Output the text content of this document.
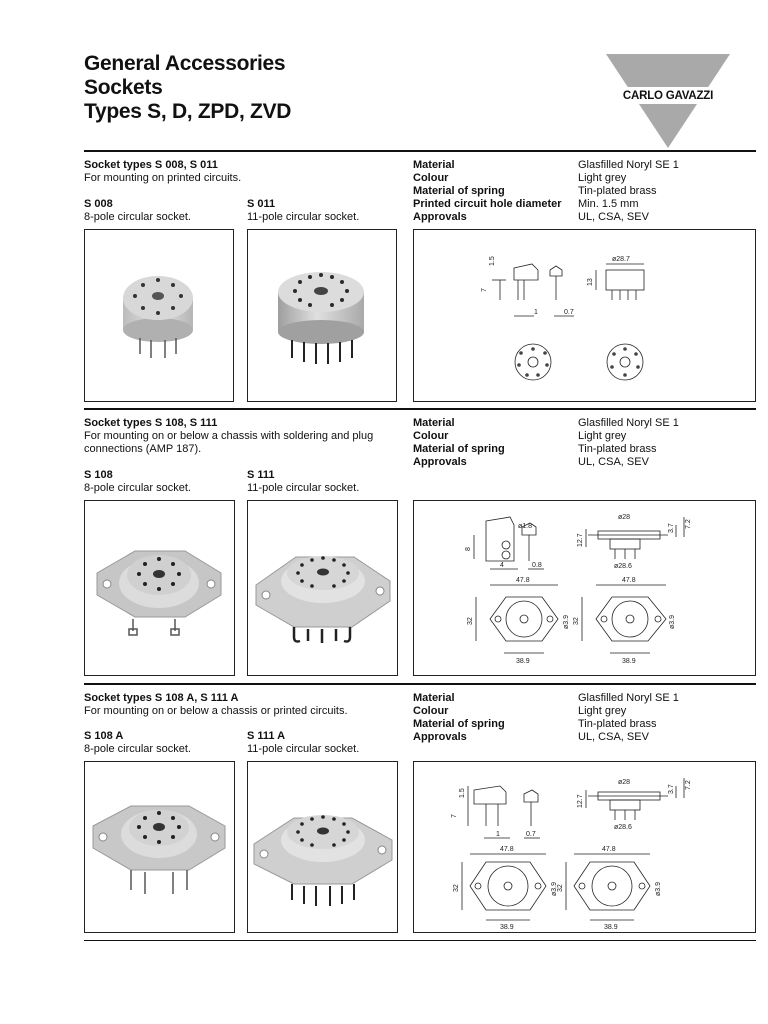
General Accessories
Sockets
Types S, D, ZPD, ZVD
CARLO GAVAZZI
Socket types S 008, S 011
For mounting on printed circuits.
S 008
8-pole circular socket.
S 011
11-pole circular socket.
Material	Glasfilled Noryl SE 1
Colour	Light grey
Material of spring	Tin-plated brass
Printed circuit hole diameter	Min. 1.5 mm
Approvals	UL, CSA, SEV
1.5
7
1	0.7
ø28.7
13
Socket types S 108, S 111
For mounting on or below a chassis with soldering and plug connections (AMP 187).
S 108
8-pole circular socket.
S 111
11-pole circular socket.
Material	Glasfilled Noryl SE 1
Colour	Light grey
Material of spring	Tin-plated brass
Approvals	UL, CSA, SEV
8
ø1.8
4	0.8
ø28
12.7
3.7 7.2
ø28.6
47.8	47.8
32	ø3.9 32	ø3.9
38.9	38.9
Socket types S 108 A, S 111 A
For mounting on or below a chassis or printed circuits.
S 108 A
8-pole circular socket.
S 111 A
11-pole circular socket.
Material	Glasfilled Noryl SE 1
Colour	Light grey
Material of spring	Tin-plated brass
Approvals	UL, CSA, SEV
1.5
7
1	0.7
ø28
12.7
3.7 7.2
ø28.6
47.8	47.8
32	ø3.9 32	ø3.9
38.9	38.9
